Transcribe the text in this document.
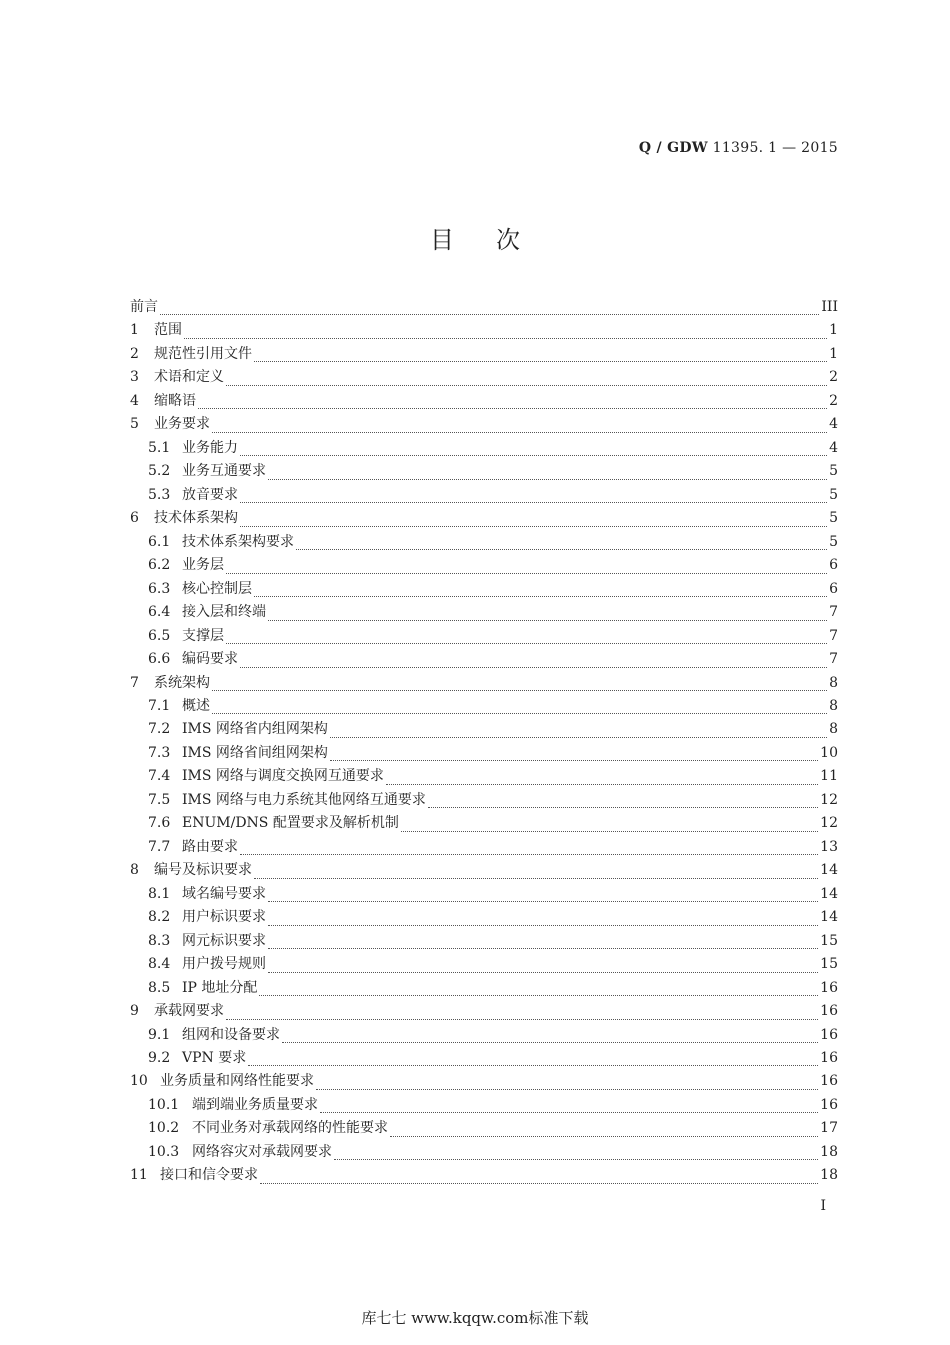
Q / GDW 11395. 1 — 2015
目次
前言	III
1	范围	1
2	规范性引用文件	1
3	术语和定义	2
4	缩略语	2
5	业务要求	4
5.1 业务能力	4
5.2 业务互通要求	5
5.3 放音要求	5
6	技术体系架构	5
6.1 技术体系架构要求	5
6.2 业务层	6
6.3 核心控制层	6
6.4 接入层和终端	7
6.5 支撑层	7
6.6 编码要求	7
7	系统架构	8
7.1 概述	8
7.2 IMS 网络省内组网架构	8
7.3 IMS 网络省间组网架构	10
7.4 IMS 网络与调度交换网互通要求	11
7.5 IMS 网络与电力系统其他网络互通要求	12
7.6 ENUM/DNS 配置要求及解析机制	12
7.7 路由要求	13
8	编号及标识要求	14
8.1 域名编号要求	14
8.2 用户标识要求	14
8.3 网元标识要求	15
8.4 用户拨号规则	15
8.5 IP 地址分配	16
9	承载网要求	16
9.1 组网和设备要求	16
9.2 VPN 要求	16
10 业务质量和网络性能要求	16
10.1 端到端业务质量要求	16
10.2 不同业务对承载网络的性能要求	17
10.3 网络容灾对承载网要求	18
11 接口和信令要求	18
I
库七七 www.kqqw.com标准下载
